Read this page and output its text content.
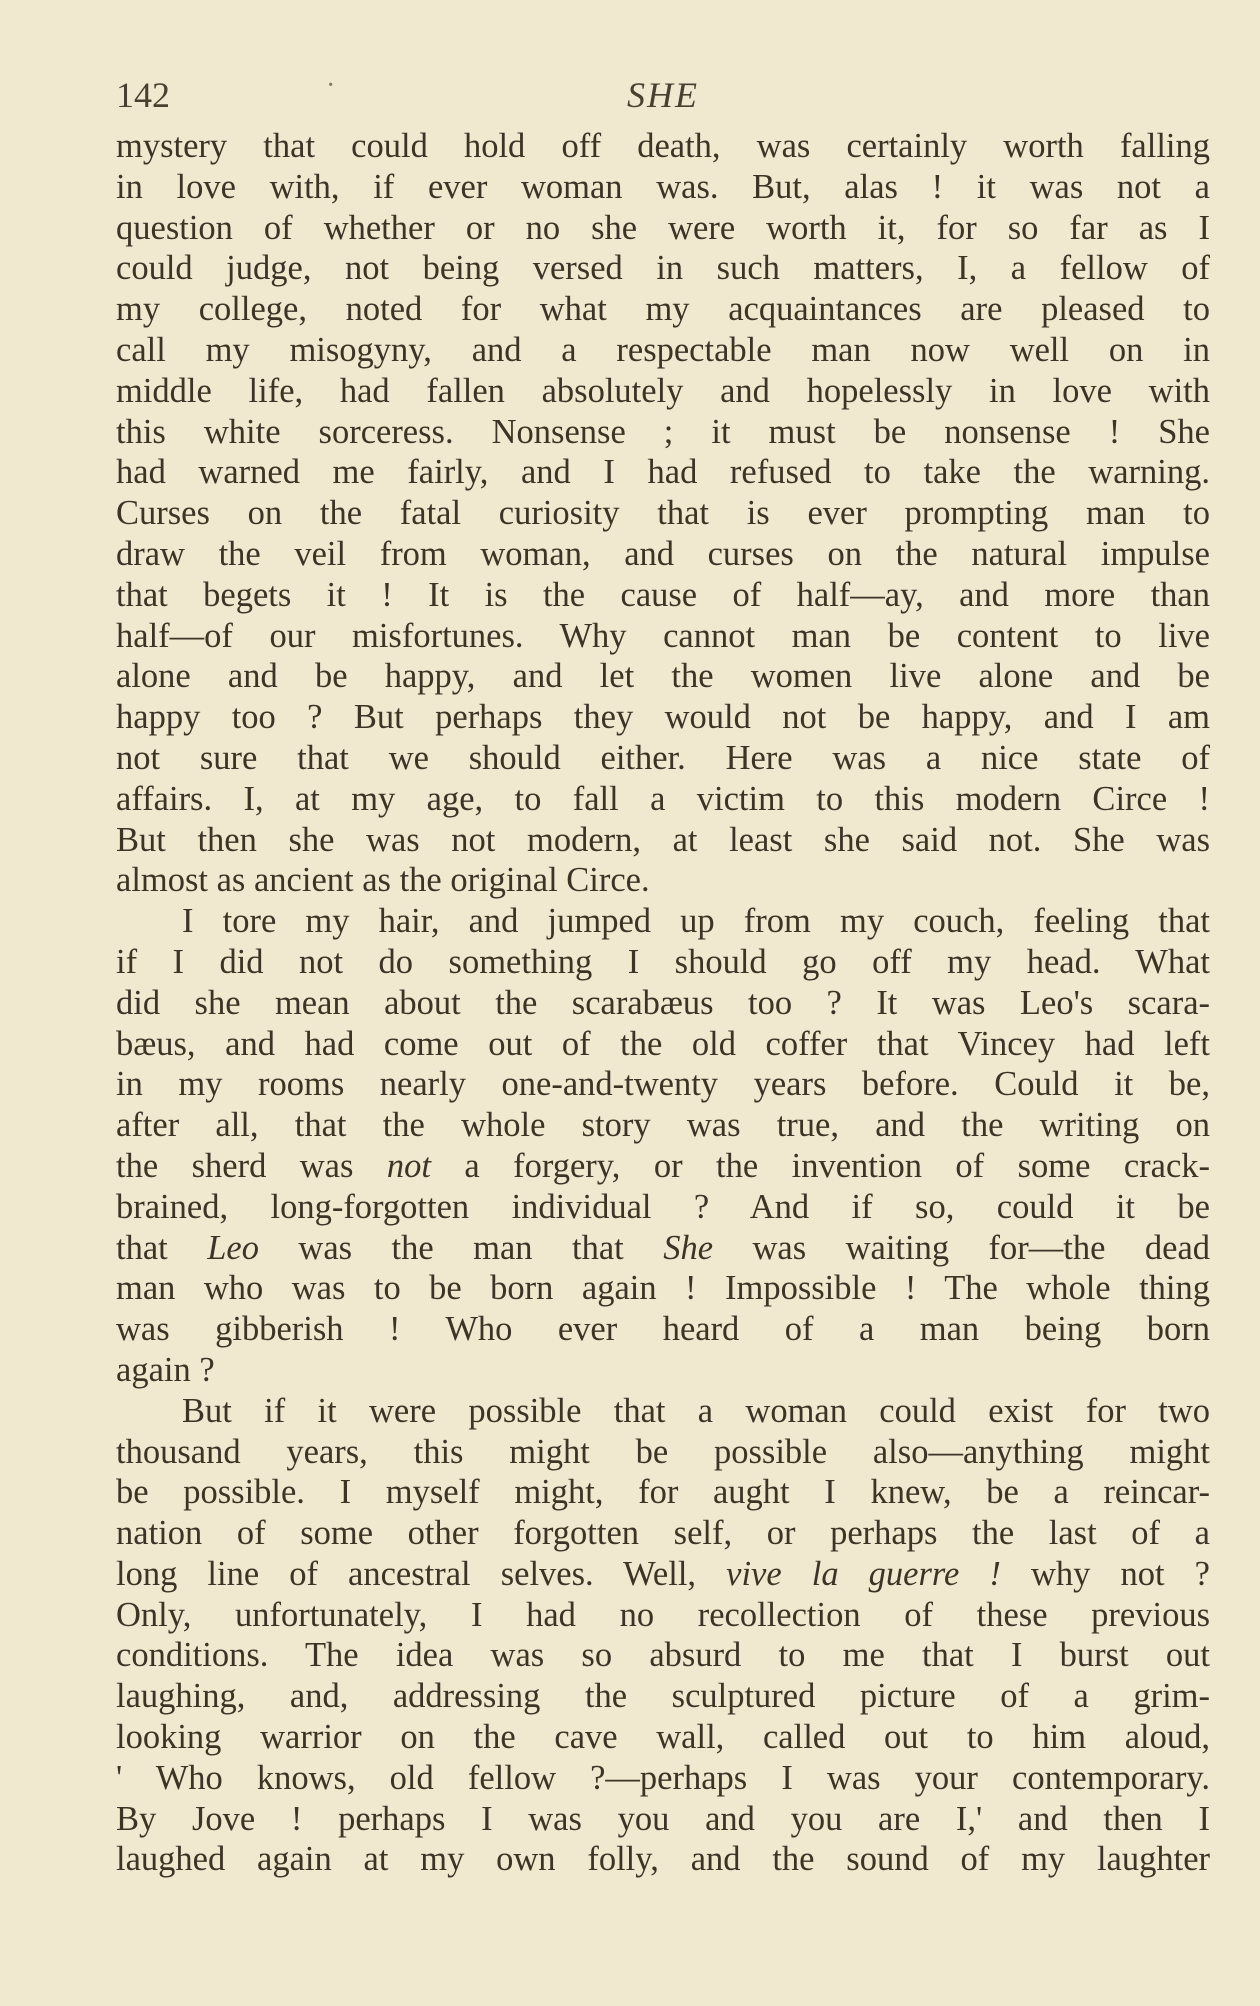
142	·	SHE
mystery that could hold off death, was certainly worth falling
in love with, if ever woman was. But, alas ! it was not a
question of whether or no she were worth it, for so far as I
could judge, not being versed in such matters, I, a fellow of
my college, noted for what my acquaintances are pleased to
call my misogyny, and a respectable man now well on in
middle life, had fallen absolutely and hopelessly in love with
this white sorceress. Nonsense ; it must be nonsense ! She
had warned me fairly, and I had refused to take the warning.
Curses on the fatal curiosity that is ever prompting man to
draw the veil from woman, and curses on the natural impulse
that begets it ! It is the cause of half—ay, and more than
half—of our misfortunes. Why cannot man be content to live
alone and be happy, and let the women live alone and be
happy too ? But perhaps they would not be happy, and I am
not sure that we should either. Here was a nice state of
affairs. I, at my age, to fall a victim to this modern Circe !
But then she was not modern, at least she said not. She was
almost as ancient as the original Circe.
I tore my hair, and jumped up from my couch, feeling that
if I did not do something I should go off my head. What
did she mean about the scarabæus too ? It was Leo's scara-
bæus, and had come out of the old coffer that Vincey had left
in my rooms nearly one-and-twenty years before. Could it be,
after all, that the whole story was true, and the writing on
the sherd was not a forgery, or the invention of some crack-
brained, long-forgotten individual ? And if so, could it be
that Leo was the man that She was waiting for—the dead
man who was to be born again ! Impossible ! The whole thing
was gibberish ! Who ever heard of a man being born
again ?
But if it were possible that a woman could exist for two
thousand years, this might be possible also—anything might
be possible. I myself might, for aught I knew, be a reincar-
nation of some other forgotten self, or perhaps the last of a
long line of ancestral selves. Well, vive la guerre ! why not ?
Only, unfortunately, I had no recollection of these previous
conditions. The idea was so absurd to me that I burst out
laughing, and, addressing the sculptured picture of a grim-
looking warrior on the cave wall, called out to him aloud,
' Who knows, old fellow ?—perhaps I was your contemporary.
By Jove ! perhaps I was you and you are I,' and then I
laughed again at my own folly, and the sound of my laughter
